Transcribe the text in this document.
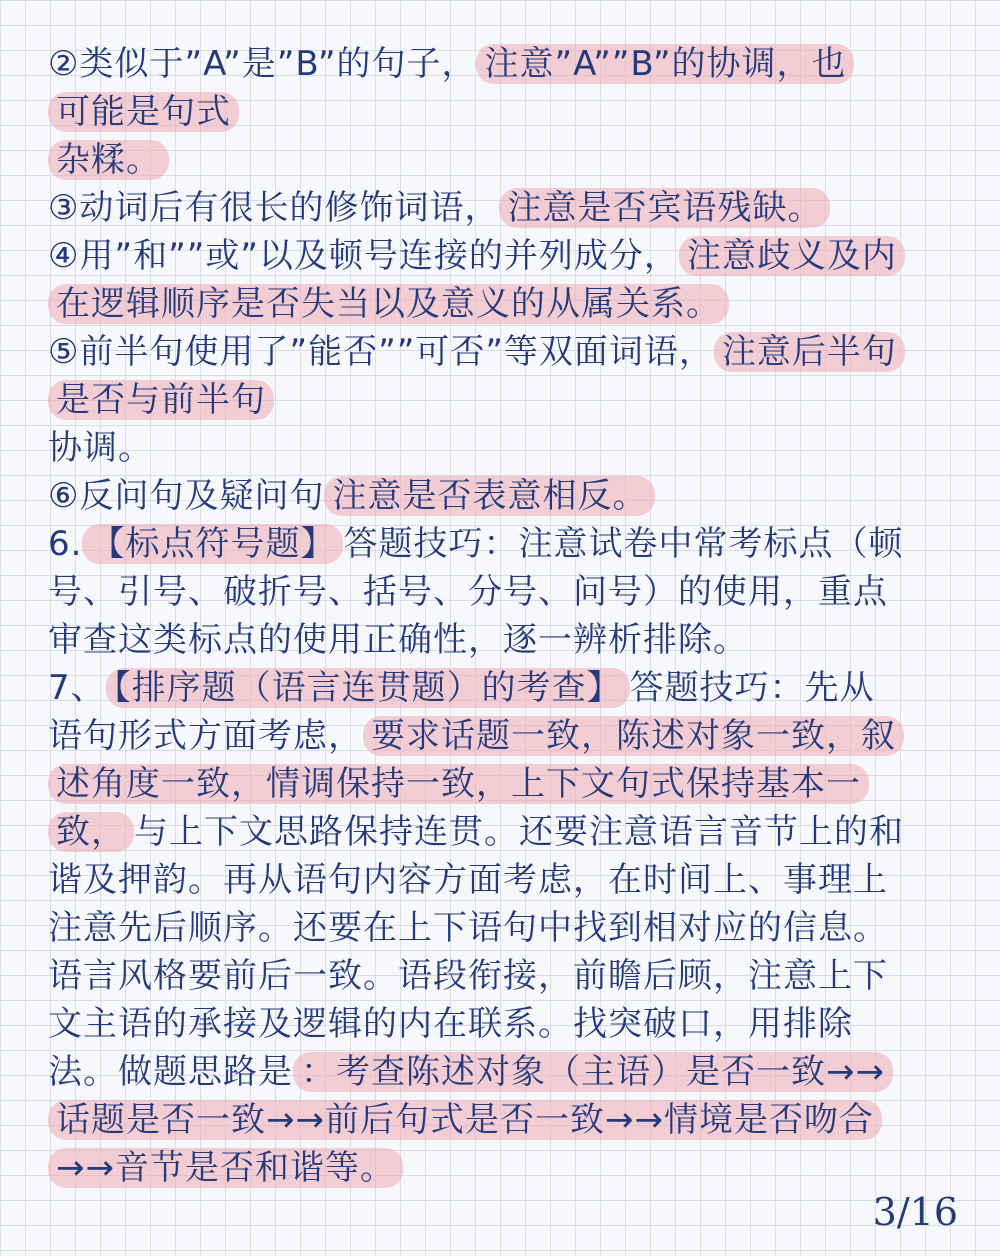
②类似于”A”是”B”的句子， 注意”A””B”的协调，也
可能是句式
杂糅。
③动词后有很长的修饰词语， 注意是否宾语残缺。
④用”和””或”以及顿号连接的并列成分， 注意歧义及内
在逻辑顺序是否失当以及意义的从属关系。
⑤前半句使用了”能否””可否”等双面词语， 注意后半句
是否与前半句
协调。
⑥反问句及疑问句 注意是否表意相反。
6. 【标点符号题】 答题技巧：注意试卷中常考标点（顿
号、引号、破折号、括号、分号、问号）的使用，重点
审查这类标点的使用正确性，逐一辨析排除。
7、 【排序题（语言连贯题）的考查】 答题技巧：先从
语句形式方面考虑， 要求话题一致，陈述对象一致，叙
述角度一致，情调保持一致，上下文句式保持基本一
致， 与上下文思路保持连贯。还要注意语言音节上的和
谐及押韵。再从语句内容方面考虑，在时间上、事理上
注意先后顺序。还要在上下语句中找到相对应的信息。
语言风格要前后一致。语段衔接，前瞻后顾，注意上下
文主语的承接及逻辑的内在联系。找突破口，用排除
法。做题思路是 ：考查陈述对象（主语）是否一致→→
话题是否一致→→前后句式是否一致→→情境是否吻合
→→音节是否和谐等。
3/16
